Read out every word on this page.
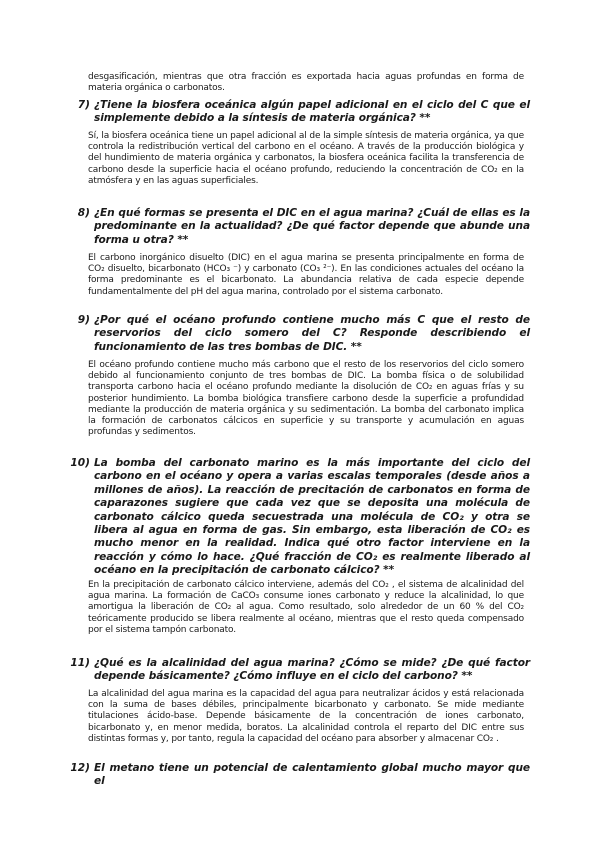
desgasificación, mientras que otra fracción es exportada hacia aguas profundas en forma de materia orgánica o carbonatos.

7) ¿Tiene la biosfera oceánica algún papel adicional en el ciclo del C que el simplemente debido a la síntesis de materia orgánica? **

Sí, la biosfera oceánica tiene un papel adicional al de la simple síntesis de materia orgánica, ya que controla la redistribución vertical del carbono en el océano. A través de la producción biológica y del hundimiento de materia orgánica y carbonatos, la biosfera oceánica facilita la transferencia de carbono desde la superficie hacia el océano profundo, reduciendo la concentración de CO₂ en la atmósfera y en las aguas superficiales.

8) ¿En qué formas se presenta el DIC en el agua marina? ¿Cuál de ellas es la predominante en la actualidad? ¿De qué factor depende que abunde una forma u otra? **

El carbono inorgánico disuelto (DIC) en el agua marina se presenta principalmente en forma de CO₂ disuelto, bicarbonato (HCO₃ ⁻) y carbonato (CO₃ ²⁻). En las condiciones actuales del océano la forma predominante es el bicarbonato. La abundancia relativa de cada especie depende fundamentalmente del pH del agua marina, controlado por el sistema carbonato.

9) ¿Por qué el océano profundo contiene mucho más C que el resto de reservorios del ciclo somero del C? Responde describiendo el funcionamiento de las tres bombas de DIC. **

El océano profundo contiene mucho más carbono que el resto de los reservorios del ciclo somero debido al funcionamiento conjunto de tres bombas de DIC. La bomba física o de solubilidad transporta carbono hacia el océano profundo mediante la disolución de CO₂ en aguas frías y su posterior hundimiento. La bomba biológica transfiere carbono desde la superficie a profundidad mediante la producción de materia orgánica y su sedimentación. La bomba del carbonato implica la formación de carbonatos cálcicos en superficie y su transporte y acumulación en aguas profundas y sedimentos.

10) La bomba del carbonato marino es la más importante del ciclo del carbono en el océano y opera a varias escalas temporales (desde años a millones de años). La reacción de precitación de carbonatos en forma de caparazones sugiere que cada vez que se deposita una molécula de carbonato cálcico queda secuestrada una molécula de CO₂ y otra se libera al agua en forma de gas. Sin embargo, esta liberación de CO₂ es mucho menor en la realidad. Indica qué otro factor interviene en la reacción y cómo lo hace. ¿Qué fracción de CO₂ es realmente liberado al océano en la precipitación de carbonato cálcico? **

En la precipitación de carbonato cálcico interviene, además del CO₂ , el sistema de alcalinidad del agua marina. La formación de CaCO₃ consume iones carbonato y reduce la alcalinidad, lo que amortigua la liberación de CO₂ al agua. Como resultado, solo alrededor de un 60 % del CO₂ teóricamente producido se libera realmente al océano, mientras que el resto queda compensado por el sistema tampón carbonato.

11) ¿Qué es la alcalinidad del agua marina? ¿Cómo se mide? ¿De qué factor depende básicamente? ¿Cómo influye en el ciclo del carbono? **

La alcalinidad del agua marina es la capacidad del agua para neutralizar ácidos y está relacionada con la suma de bases débiles, principalmente bicarbonato y carbonato. Se mide mediante titulaciones ácido-base. Depende básicamente de la concentración de iones carbonato, bicarbonato y, en menor medida, boratos. La alcalinidad controla el reparto del DIC entre sus distintas formas y, por tanto, regula la capacidad del océano para absorber y almacenar CO₂ .

12) El metano tiene un potencial de calentamiento global mucho mayor que el
